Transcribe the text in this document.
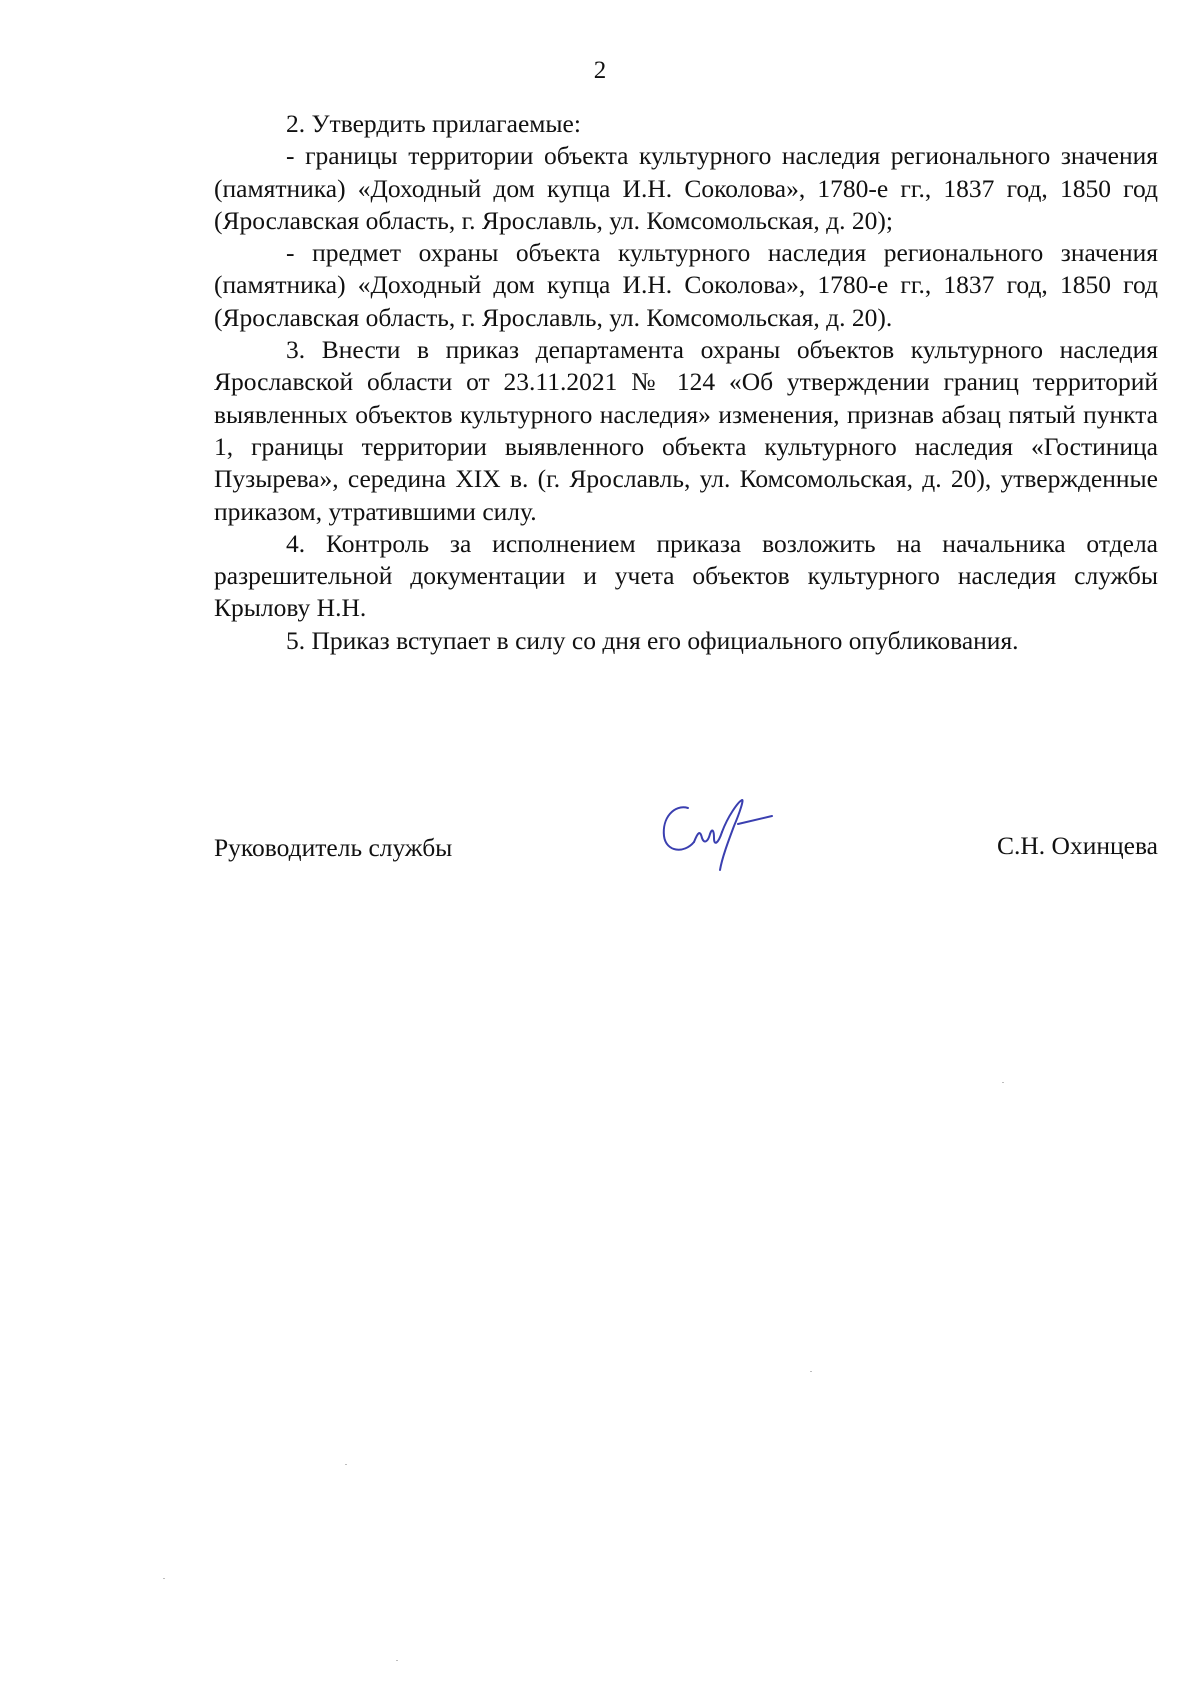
2

2. Утвердить прилагаемые:

- границы территории объекта культурного наследия регионального значения (памятника) «Доходный дом купца И.Н. Соколова», 1780-е гг., 1837 год, 1850 год (Ярославская область, г. Ярославль, ул. Комсомольская, д. 20);

- предмет охраны объекта культурного наследия регионального значения (памятника) «Доходный дом купца И.Н. Соколова», 1780-е гг., 1837 год, 1850 год (Ярославская область, г. Ярославль, ул. Комсомольская, д. 20).

3. Внести в приказ департамента охраны объектов культурного наследия Ярославской области от 23.11.2021 № 124 «Об утверждении границ территорий выявленных объектов культурного наследия» изменения, признав абзац пятый пункта 1, границы территории выявленного объекта культурного наследия «Гостиница Пузырева», середина XIX в. (г. Ярославль, ул. Комсомольская, д. 20), утвержденные приказом, утратившими силу.

4. Контроль за исполнением приказа возложить на начальника отдела разрешительной документации и учета объектов культурного наследия службы Крылову Н.Н.

5. Приказ вступает в силу со дня его официального опубликования.

Руководитель службы	С.Н. Охинцева
